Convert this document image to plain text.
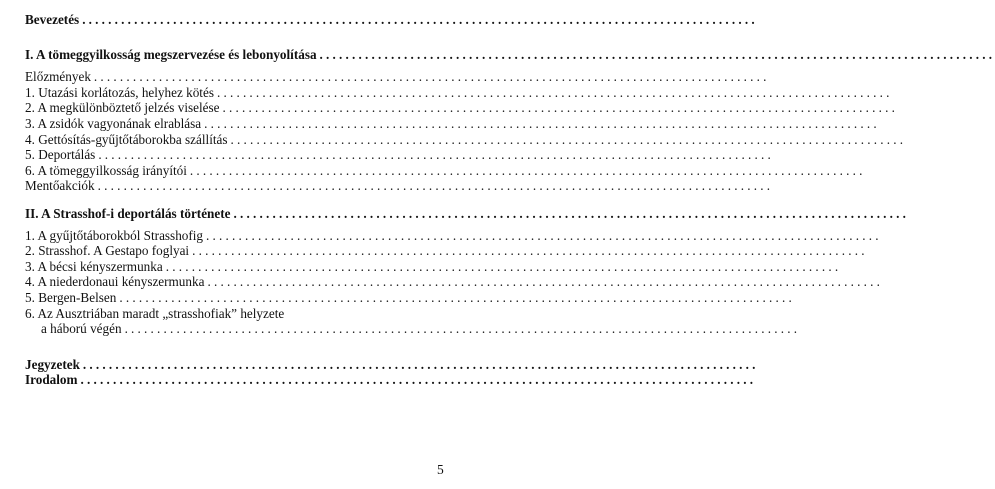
Bevezetés ........................................................................................................
I. A tömeggyilkosság megszervezése és lebonyolítása ........................................................................................................
Előzmények ........................................................................................................
1. Utazási korlátozás, helyhez kötés ........................................................................................................
2. A megkülönböztető jelzés viselése ........................................................................................................
3. A zsidók vagyonának elrablása ........................................................................................................
4. Gettósítás-gyűjtőtáborokba szállítás ........................................................................................................
5. Deportálás ........................................................................................................
6. A tömeggyilkosság irányítói ........................................................................................................
Mentőakciók ........................................................................................................
II. A Strasshof-i deportálás története ........................................................................................................
1. A gyűjtőtáborokból Strasshofig ........................................................................................................
2. Strasshof. A Gestapo foglyai ........................................................................................................
3. A bécsi kényszermunka ........................................................................................................
4. A niederdonaui kényszermunka ........................................................................................................
5. Bergen-Belsen ........................................................................................................
6. Az Ausztriában maradt „strasshofiak” helyzete
a háború végén ........................................................................................................
Jegyzetek ........................................................................................................
Irodalom ........................................................................................................
5
